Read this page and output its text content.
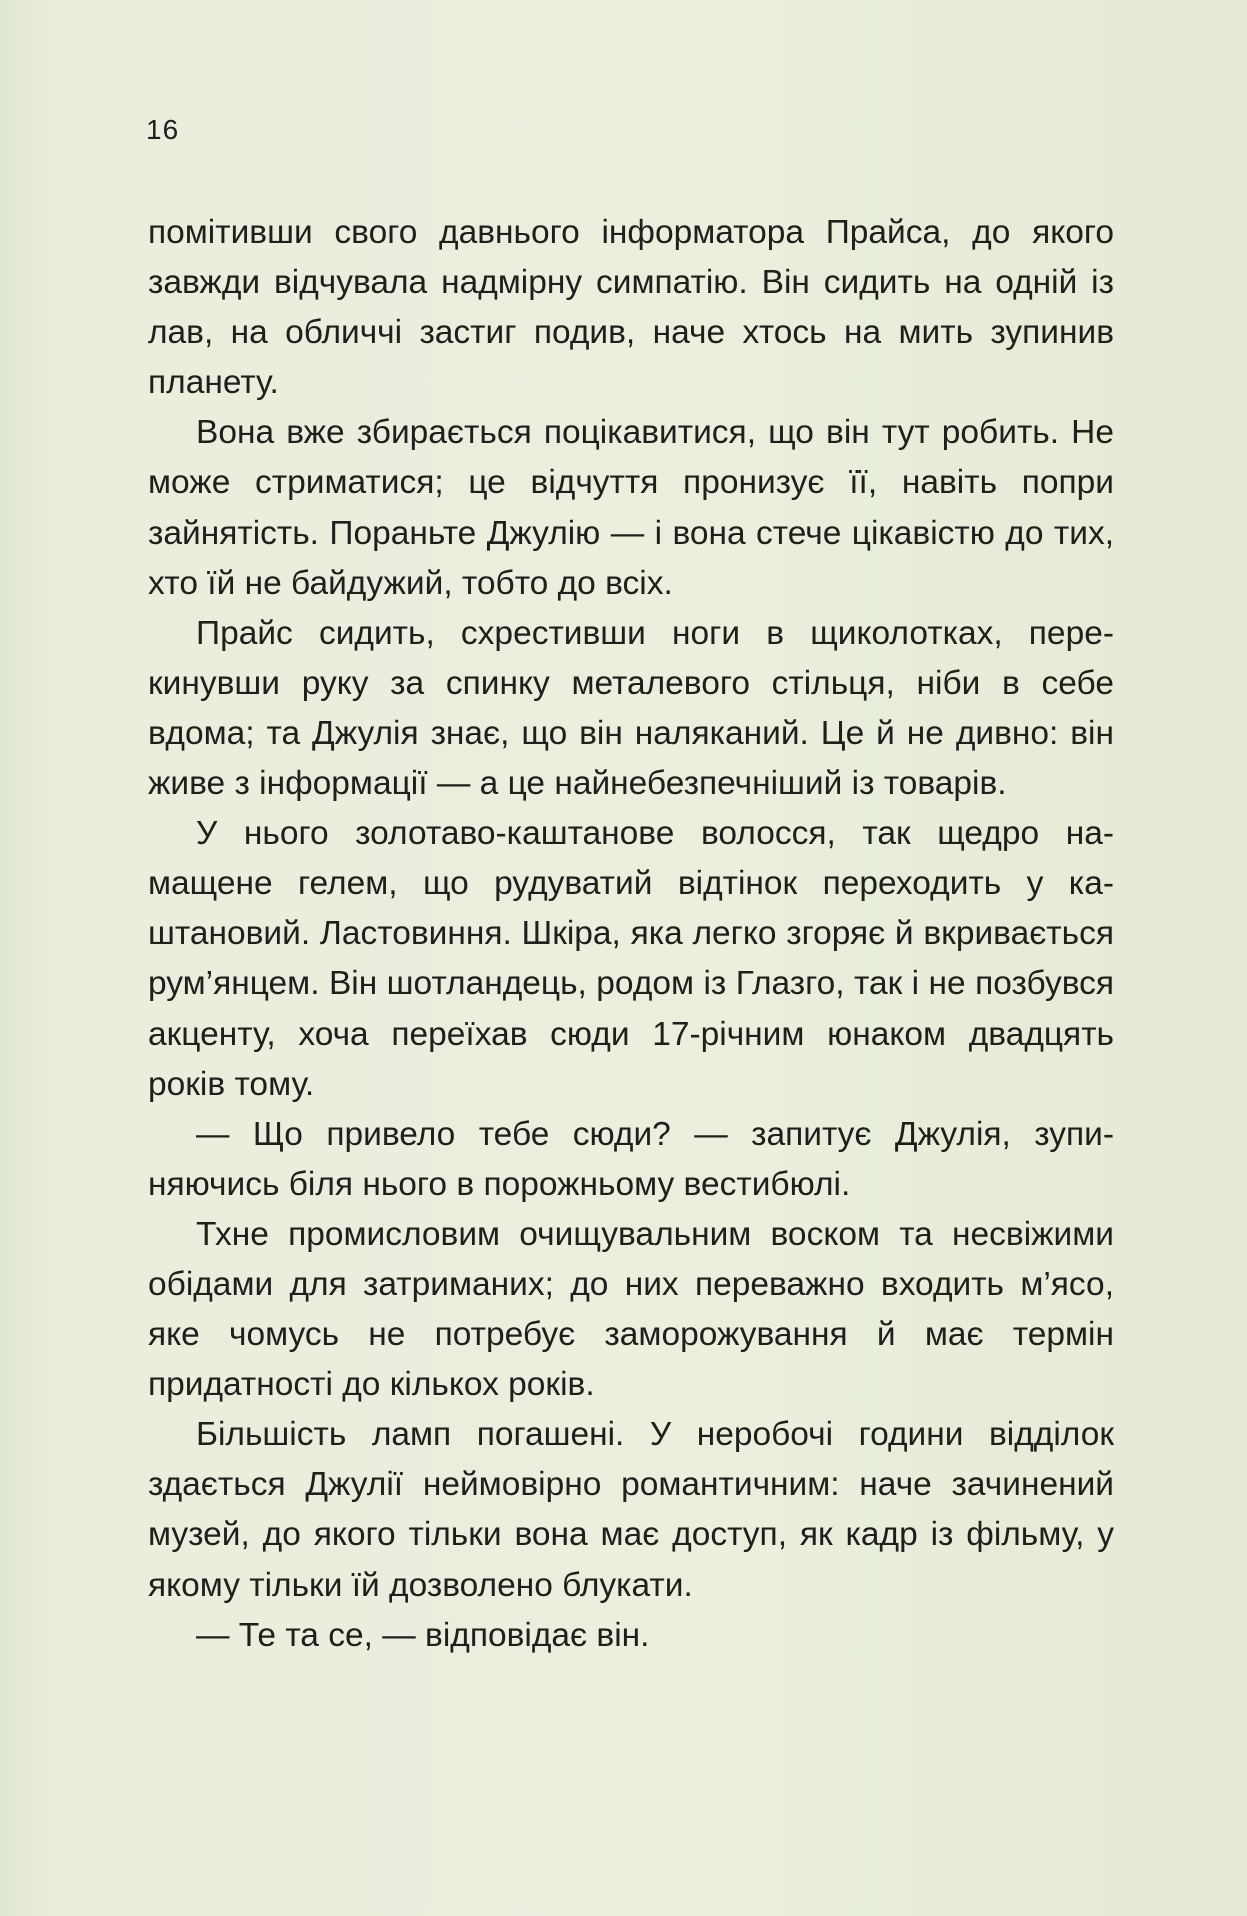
16

помітивши свого давнього інформатора Прайса, до якого завжди відчувала надмірну симпатію. Він сидить на одній із лав, на обличчі застиг подив, наче хтось на мить зупинив планету.

Вона вже збирається поцікавитися, що він тут робить. Не може стриматися; це відчуття пронизує її, навіть попри зайнятість. Пораньте Джулію — і вона стече цікавістю до тих, хто їй не байдужий, тобто до всіх.

Прайс сидить, схрестивши ноги в щиколотках, перекинувши руку за спинку металевого стільця, ніби в себе вдома; та Джулія знає, що він наляканий. Це й не дивно: він живе з інформації — а це найнебезпечніший із товарів.

У нього золотаво-каштанове волосся, так щедро намащене гелем, що рудуватий відтінок переходить у каштановий. Ластовиння. Шкіра, яка легко згоряє й вкривається рум’янцем. Він шотландець, родом із Глазго, так і не позбувся акценту, хоча переїхав сюди 17-річним юнаком двадцять років тому.

— Що привело тебе сюди? — запитує Джулія, зупиняючись біля нього в порожньому вестибюлі.

Тхне промисловим очищувальним воском та несвіжими обідами для затриманих; до них переважно входить м’ясо, яке чомусь не потребує заморожування й має термін придатності до кількох років.

Більшість ламп погашені. У неробочі години відділок здається Джулії неймовірно романтичним: наче зачинений музей, до якого тільки вона має доступ, як кадр із фільму, у якому тільки їй дозволено блукати.

— Те та се, — відповідає він.
